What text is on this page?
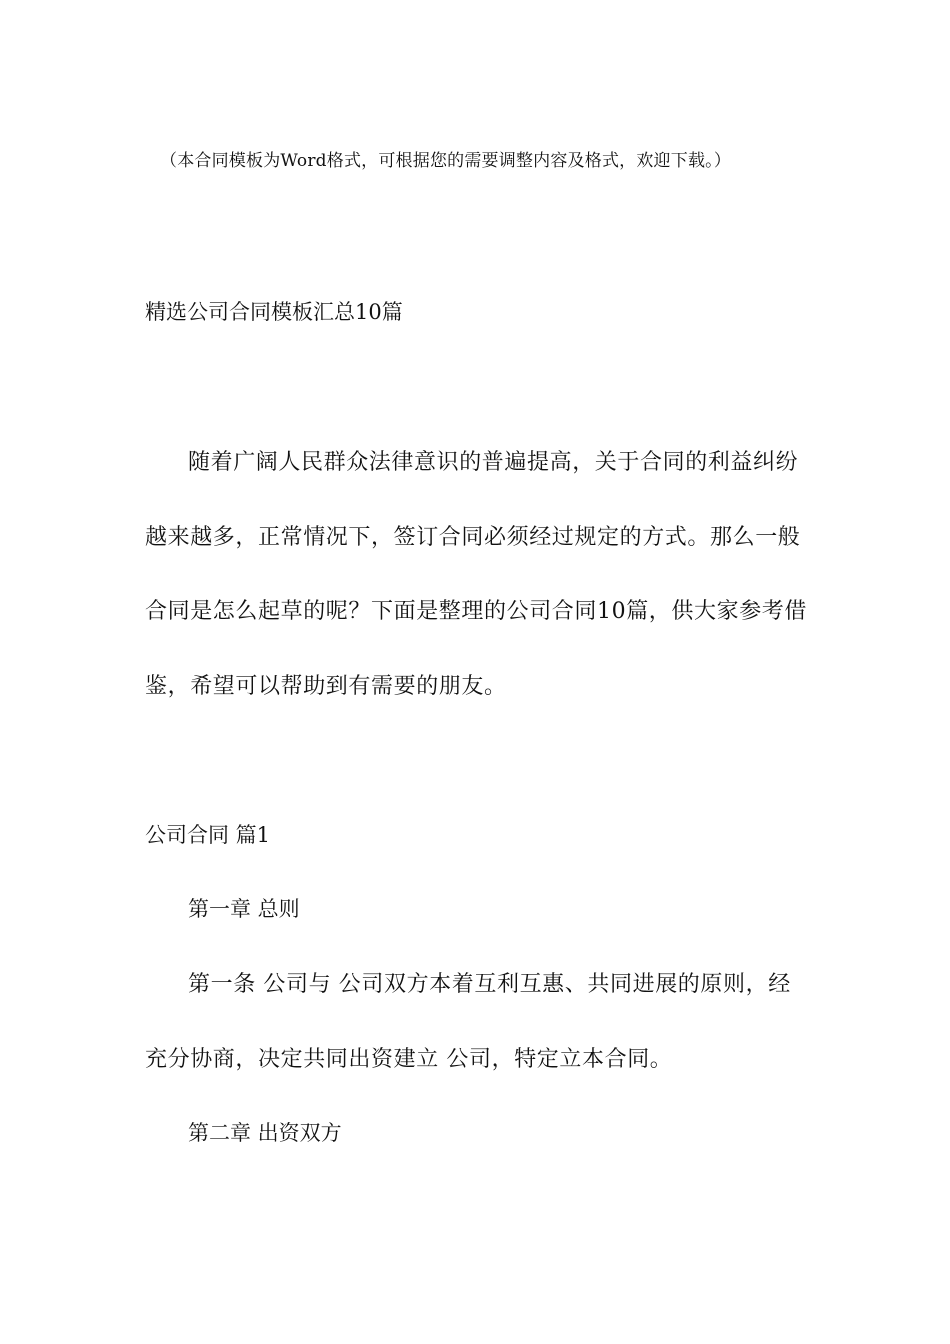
（本合同模板为Word格式，可根据您的需要调整内容及格式，欢迎下载。）
精选公司合同模板汇总10篇
随着广阔人民群众法律意识的普遍提高，关于合同的利益纠纷
越来越多，正常情况下，签订合同必须经过规定的方式。那么一般
合同是怎么起草的呢？下面是整理的公司合同10篇，供大家参考借
鉴，希望可以帮助到有需要的朋友。
公司合同 篇1
第一章 总则
第一条 公司与 公司双方本着互利互惠、共同进展的原则，经
充分协商，决定共同出资建立 公司，特定立本合同。
第二章 出资双方
